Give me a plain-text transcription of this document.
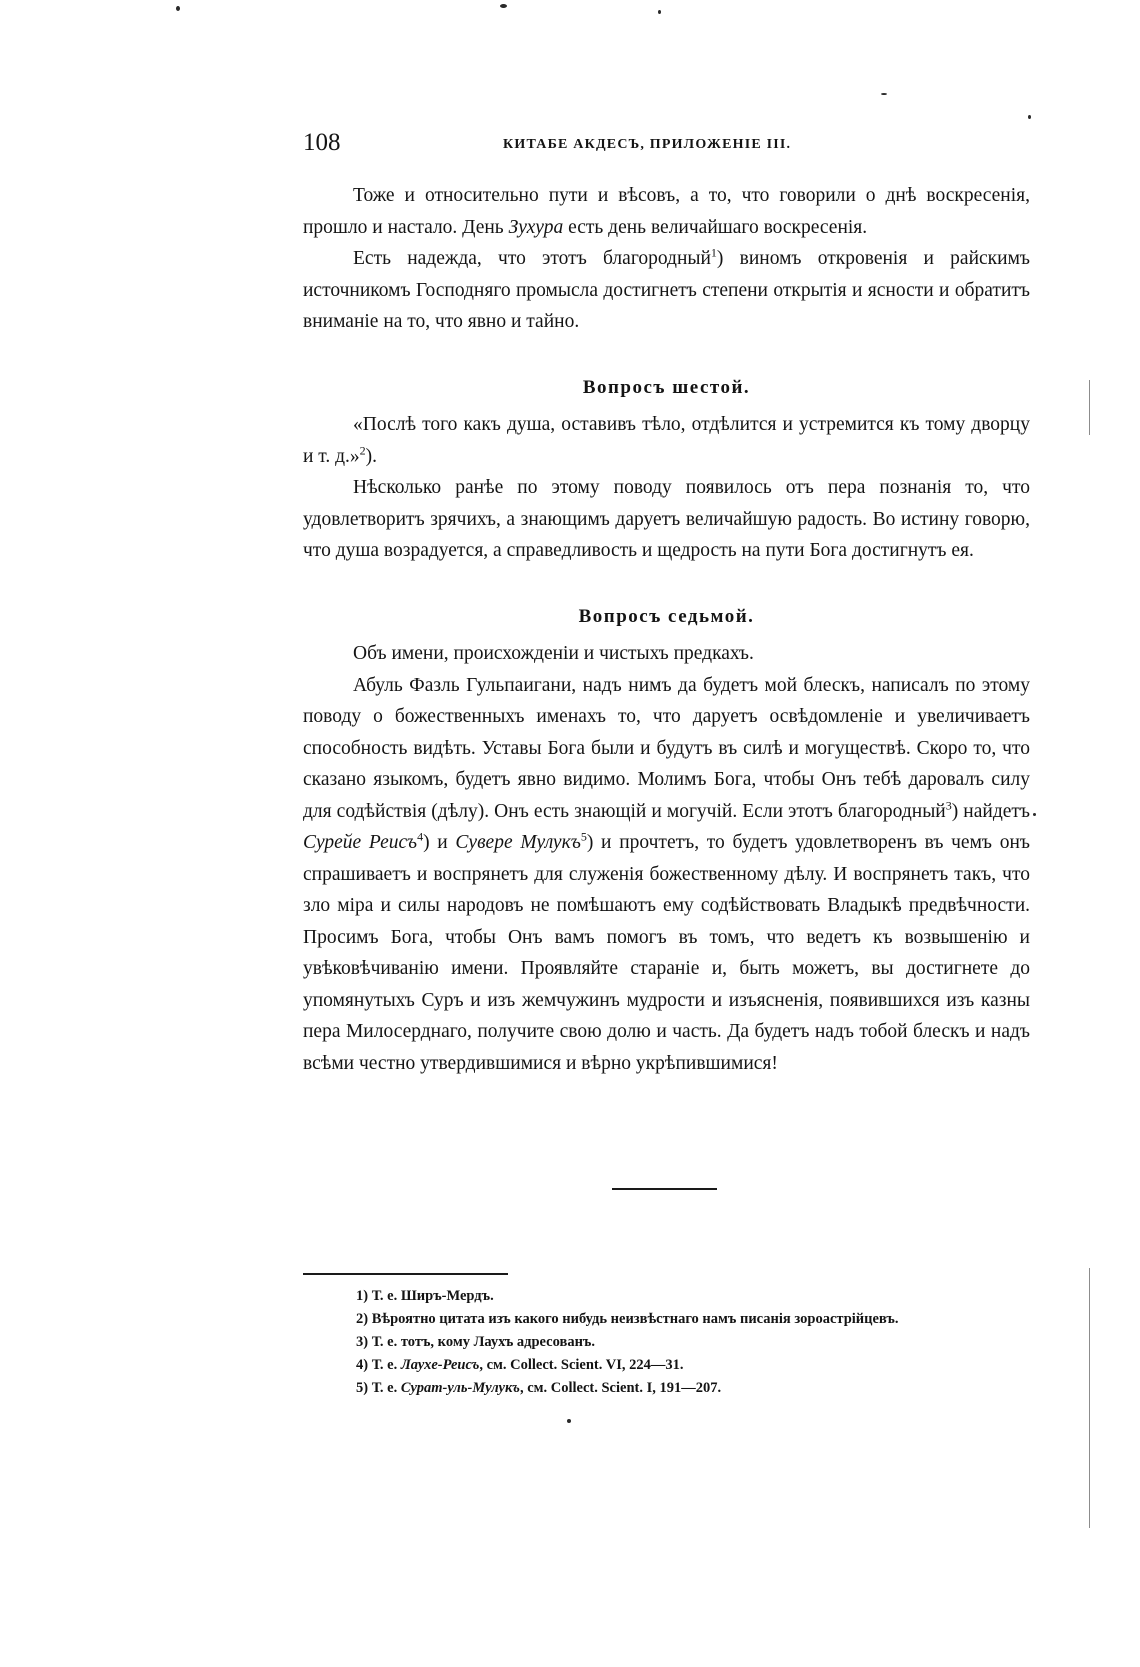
108	КИТАБЕ АКДЕСЪ, ПРИЛОЖЕНІЕ III.

Тоже и относительно пути и вѣсовъ, а то, что говорили о днѣ воскресенія, прошло и настало. День Зухура есть день величайшаго воскресенія.

Есть надежда, что этотъ благородный$^1$) виномъ откровенія и райскимъ источникомъ Господняго промысла достигнетъ степени открытія и ясности и обратитъ вниманіе на то, что явно и тайно.

Вопросъ шестой.

«Послѣ того какъ душа, оставивъ тѣло, отдѣлится и устремится къ тому дворцу и т. д.»$^2$).

Нѣсколько ранѣе по этому поводу появилось отъ пера познанія то, что удовлетворитъ зрячихъ, а знающимъ даруетъ величайшую радость. Во истину говорю, что душа возрадуется, а справедливость и щедрость на пути Бога достигнутъ ея.

Вопросъ седьмой.

Объ имени, происхожденіи и чистыхъ предкахъ.

Абуль Фазль Гульпаигани, надъ нимъ да будетъ мой блескъ, написалъ по этому поводу о божественныхъ именахъ то, что даруетъ освѣдомленіе и увеличиваетъ способность видѣть. Уставы Бога были и будутъ въ силѣ и могуществѣ. Скоро то, что сказано языкомъ, будетъ явно видимо. Молимъ Бога, чтобы Онъ тебѣ даровалъ силу для содѣйствія (дѣлу). Онъ есть знающій и могучій. Если этотъ благородный$^3$) найдетъ Сурейе Реисъ$^4$) и Сувере Мулукъ$^5$) и прочтетъ, то будетъ удовлетворенъ въ чемъ онъ спрашиваетъ и воспрянетъ для служенія божественному дѣлу. И воспрянетъ такъ, что зло міра и силы народовъ не помѣшаютъ ему содѣйствовать Владыкѣ предвѣчности. Просимъ Бога, чтобы Онъ вамъ помогъ въ томъ, что ведетъ къ возвышенію и увѣковѣчиванію имени. Проявляйте стараніе и, быть можетъ, вы достигнете до упомянутыхъ Суръ и изъ жемчужинъ мудрости и изъясненія, появившихся изъ казны пера Милосерднаго, получите свою долю и часть. Да будетъ надъ тобой блескъ и надъ всѣми честно утвердившимися и вѣрно укрѣпившимися!

1) Т. е. Ширъ-Мердъ.
2) Вѣроятно цитата изъ какого нибудь неизвѣстнаго намъ писанія зороастрійцевъ.
3) Т. е. тотъ, кому Лаухъ адресованъ.
4) Т. е. Лаухе-Реисъ, см. Collect. Scient. VI, 224—31.
5) Т. е. Сурат-уль-Мулукъ, см. Collect. Scient. I, 191—207.
